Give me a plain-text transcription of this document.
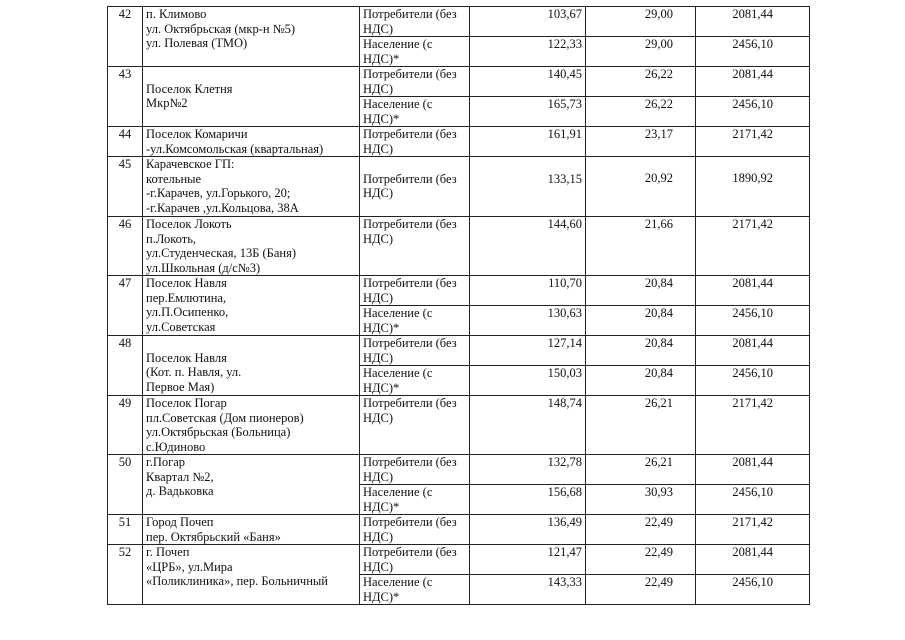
42	п. Климово
ул. Октябрьская (мкр-н №5)
ул. Полевая (ТМО)	Потребители (без
НДС)	103,67	29,00	2081,44

		Население (с
НДС)*	122,33	29,00	2456,10
43	Поселок Клетня
Мкр№2	Потребители (без
НДС)	140,45	26,22	2081,44

		Население (с
НДС)*	165,73	26,22	2456,10
44	Поселок Комаричи
-ул.Комсомольская (квартальная)	Потребители (без
НДС)	161,91	23,17	2171,42
45	Карачевское ГП:
котельные
-г.Карачев, ул.Горького, 20;
-г.Карачев ,ул.Кольцова, 38А	Потребители (без
НДС)	133,15	20,92	1890,92
46	Поселок Локоть
п.Локоть,
ул.Студенческая, 13Б (Баня)
ул.Школьная (д/с№3)	Потребители (без
НДС)	144,60	21,66	2171,42
47	Поселок Навля
пер.Емлютина,
ул.П.Осипенко,
ул.Советская	Потребители (без
НДС)	110,70	20,84	2081,44

		Население (с
НДС)*	130,63	20,84	2456,10
48	Поселок Навля
(Кот. п. Навля, ул.
Первое Мая)	Потребители (без
НДС)	127,14	20,84	2081,44

		Население (с
НДС)*	150,03	20,84	2456,10
49	Поселок Погар
пл.Советская (Дом пионеров)
ул.Октябрьская (Больница)
с.Юдиново	Потребители (без
НДС)	148,74	26,21	2171,42
50	г.Погар
Квартал №2,
д. Вадьковка	Потребители (без
НДС)	132,78	26,21	2081,44

		Население (с
НДС)*	156,68	30,93	2456,10
51	Город Почеп
пер. Октябрьский «Баня»	Потребители (без
НДС)	136,49	22,49	2171,42
52	г. Почеп
«ЦРБ», ул.Мира
«Поликлиника», пер. Больничный	Потребители (без
НДС)	121,47	22,49	2081,44

		Население (с
НДС)*	143,33	22,49	2456,10
